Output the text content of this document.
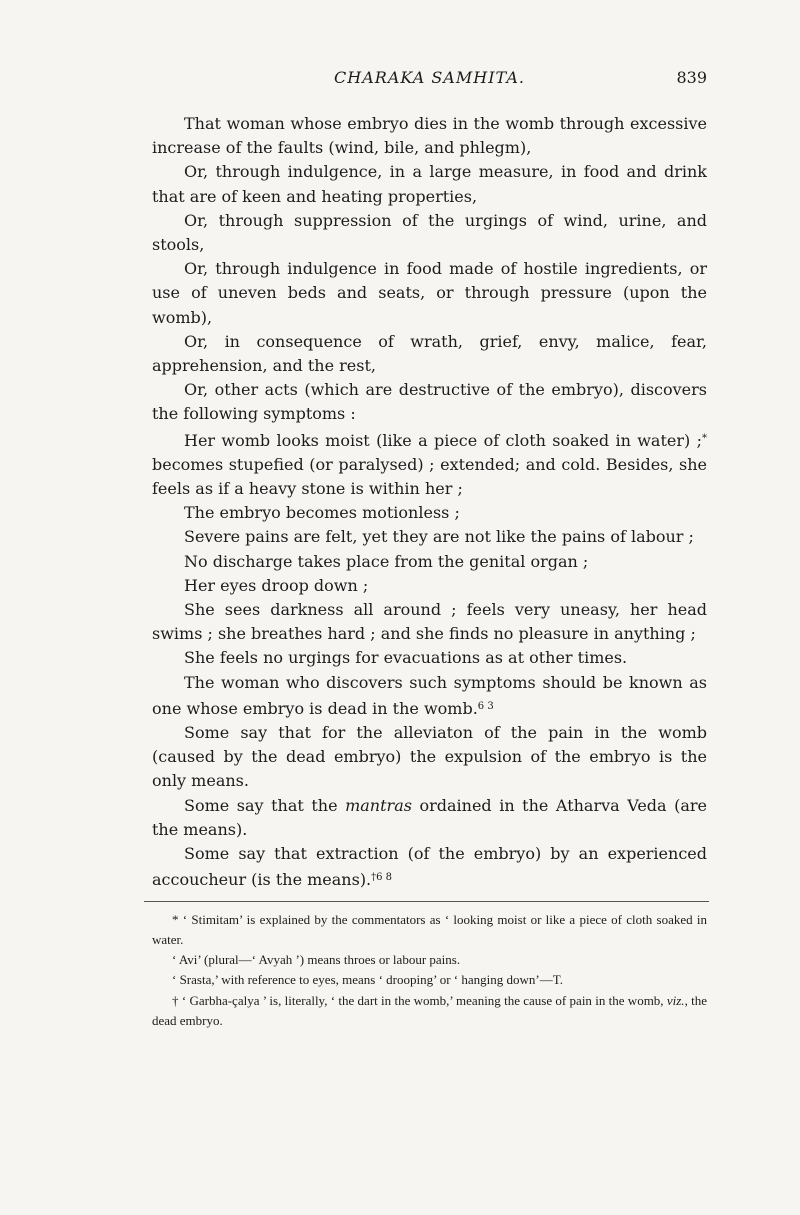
CHARAKA SAMHITA.	839

That woman whose embryo dies in the womb through excessive increase of the faults (wind, bile, and phlegm),

Or, through indulgence, in a large measure, in food and drink that are of keen and heating properties,

Or, through suppression of the urgings of wind, urine, and stools,

Or, through indulgence in food made of hostile ingredients, or use of uneven beds and seats, or through pressure (upon the womb),

Or, in consequence of wrath, grief, envy, malice, fear, apprehension, and the rest,

Or, other acts (which are destructive of the embryo), discovers the following symptoms :

Her womb looks moist (like a piece of cloth soaked in water) ;* becomes stupefied (or paralysed) ; extended; and cold. Besides, she feels as if a heavy stone is within her ;

The embryo becomes motionless ;

Severe pains are felt, yet they are not like the pains of labour ;

No discharge takes place from the genital organ ;

Her eyes droop down ;

She sees darkness all around ; feels very uneasy, her head swims ; she breathes hard ; and she finds no pleasure in anything ;

She feels no urgings for evacuations as at other times.

The woman who discovers such symptoms should be known as one whose embryo is dead in the womb.$^{6 3}$

Some say that for the alleviaton of the pain in the womb (caused by the dead embryo) the expulsion of the embryo is the only means.

Some say that the mantras ordained in the Atharva Veda (are the means).

Some say that extraction (of the embryo) by an experienced accoucheur (is the means).$^{\dagger 6 8}$

* ‘ Stimitam’ is explained by the commentators as ‘ looking moist or like a piece of cloth soaked in water.

‘ Avi’ (plural—‘ Avyah ’) means throes or labour pains.

‘ Srasta,’ with reference to eyes, means ‘ drooping’ or ‘ hanging down’—T.

† ‘ Garbha-çalya ’ is, literally, ‘ the dart in the womb,’ meaning the cause of pain in the womb, viz., the dead embryo.
